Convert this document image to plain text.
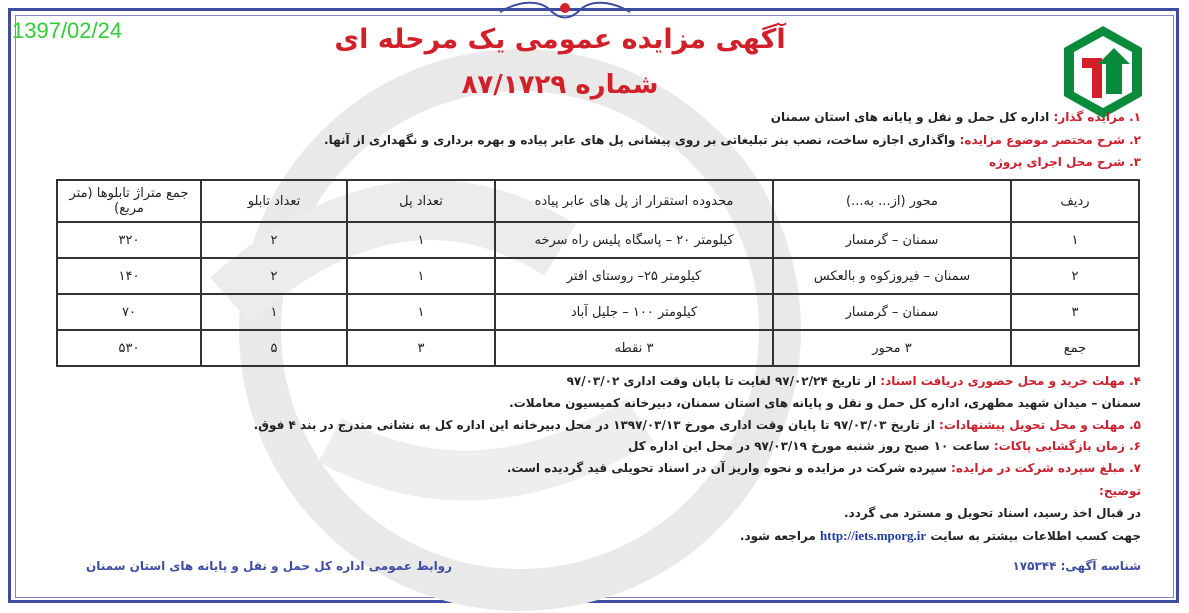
1397/02/24	آگهی مزایده عمومی یک مرحله ای
شماره ۸۷/۱۷۲۹
۱. مزایده گذار: اداره کل حمل و نقل و پایانه های استان سمنان
۲. شرح مختصر موضوع مزایده: واگذاری اجازه ساخت، نصب بنر تبلیغاتی بر روی پیشانی پل های عابر پیاده و بهره برداری و نگهداری از آنها.
۳. شرح محل اجرای پروژه
ردیف	محور (از... به...)	محدوده استقرار از پل های عابر پیاده	تعداد پل	تعداد تابلو	جمع متراژ تابلوها (متر مربع)
۱	سمنان – گرمسار	کیلومتر ۲۰ – پاسگاه پلیس راه سرخه	۱	۲	۳۲۰
۲	سمنان – فیروزکوه و بالعکس	کیلومتر ۲۵– روستای افتر	۱	۲	۱۴۰
۳	سمنان – گرمسار	کیلومتر ۱۰۰ – جلیل آباد	۱	۱	۷۰
جمع	۳ محور	۳ نقطه	۳	۵	۵۳۰
۴. مهلت خرید و محل حضوری دریافت اسناد: از تاریخ ۹۷/۰۲/۲۴ لغایت تا پایان وقت اداری ۹۷/۰۳/۰۲
سمنان – میدان شهید مطهری، اداره کل حمل و نقل و پایانه های استان سمنان، دبیرخانه کمیسیون معاملات.
۵. مهلت و محل تحویل پیشنهادات: از تاریخ ۹۷/۰۳/۰۳ تا پایان وقت اداری مورخ ۱۳۹۷/۰۳/۱۳ در محل دبیرخانه این اداره کل به نشانی مندرج در بند ۴ فوق.
۶. زمان بازگشایی پاکات: ساعت ۱۰ صبح روز شنبه مورخ ۹۷/۰۳/۱۹ در محل این اداره کل
۷. مبلغ سپرده شرکت در مزایده: سپرده شرکت در مزایده و نحوه واریز آن در اسناد تحویلی قید گردیده است.
توضیح:
در قبال اخذ رسید، اسناد تحویل و مسترد می گردد.
جهت کسب اطلاعات بیشتر به سایت http://iets.mporg.ir مراجعه شود.
شناسه آگهی: ۱۷۵۳۴۴
روابط عمومی اداره کل حمل و نقل و پایانه های استان سمنان
